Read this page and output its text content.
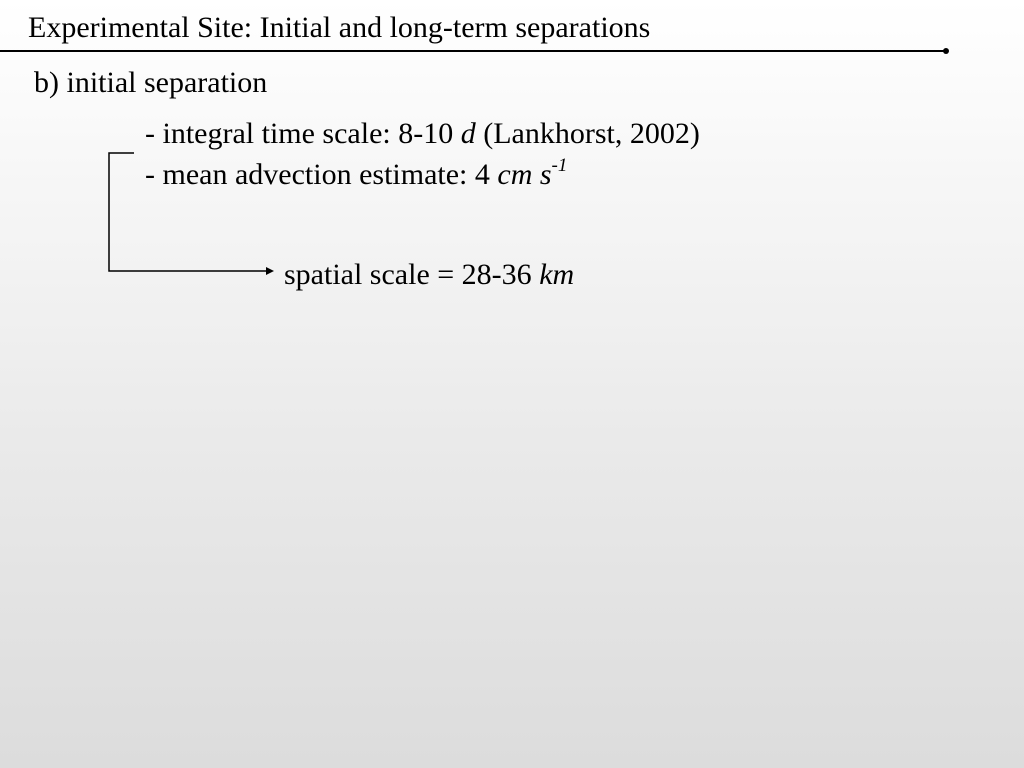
Experimental Site: Initial and long-term separations
b) initial separation
- integral time scale: 8-10 d (Lankhorst, 2002)
- mean advection estimate: 4 cm $s^{-1}$
spatial scale = 28-36 km
